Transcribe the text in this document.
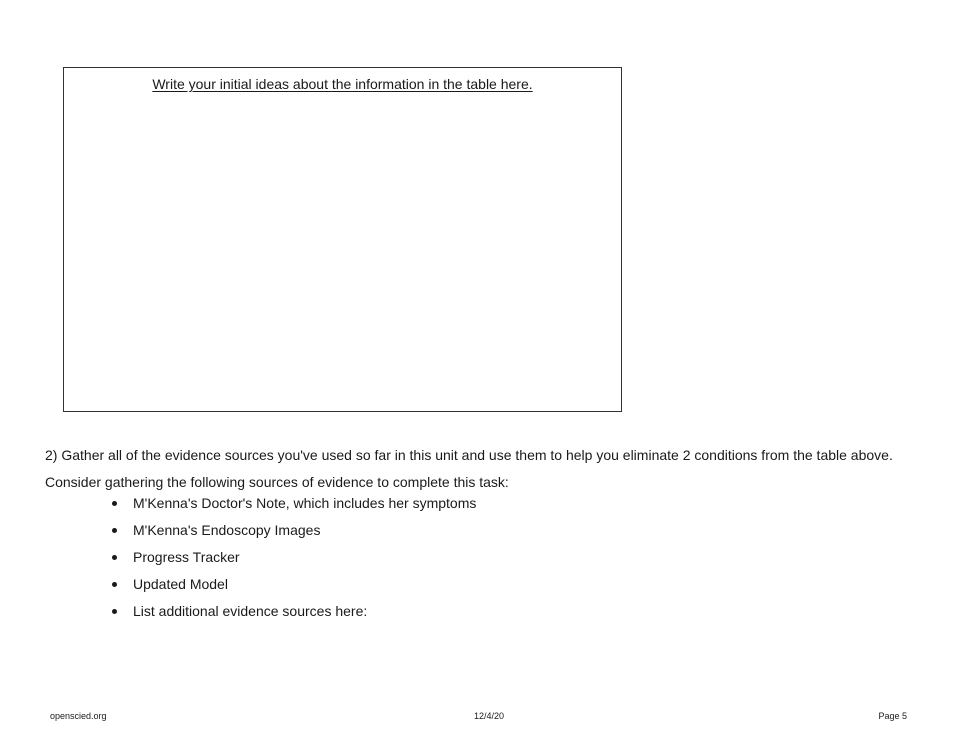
Write your initial ideas about the information in the table here.

2) Gather all of the evidence sources you've used so far in this unit and use them to help you eliminate 2 conditions from the table above.

Consider gathering the following sources of evidence to complete this task:

M'Kenna's Doctor's Note, which includes her symptoms
M'Kenna's Endoscopy Images
Progress Tracker
Updated Model
List additional evidence sources here:
openscied.org	12/4/20	Page 5
